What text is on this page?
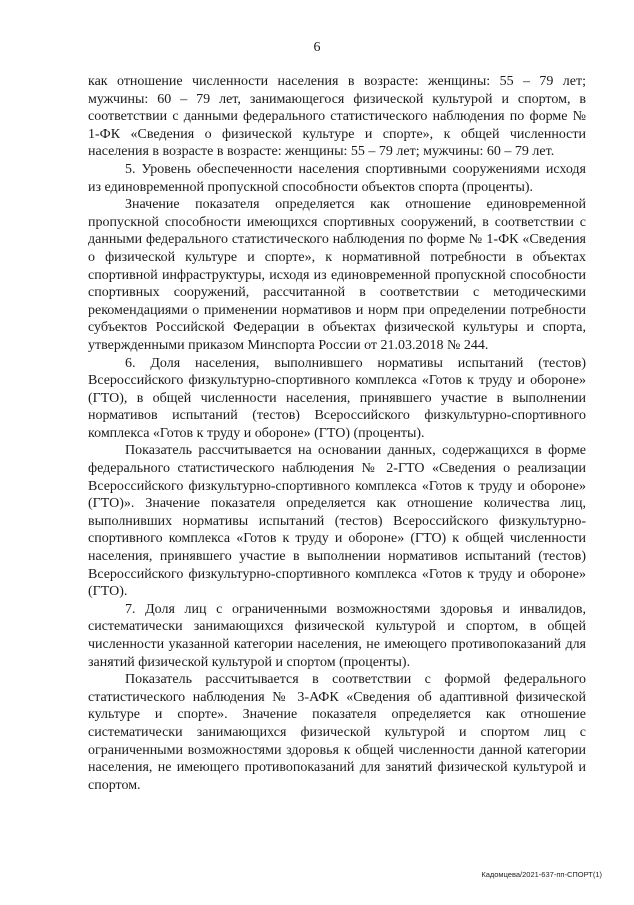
6

как отношение численности населения в возрасте: женщины: 55 – 79 лет; мужчины: 60 – 79 лет, занимающегося физической культурой и спортом, в соответствии с данными федерального статистического наблюдения по форме № 1-ФК «Сведения о физической культуре и спорте», к общей численности населения в возрасте в возрасте: женщины: 55 – 79 лет; мужчины: 60 – 79 лет.

5. Уровень обеспеченности населения спортивными сооружениями исходя из единовременной пропускной способности объектов спорта (проценты).

Значение показателя определяется как отношение единовременной пропускной способности имеющихся спортивных сооружений, в соответствии с данными федерального статистического наблюдения по форме № 1-ФК «Сведения о физической культуре и спорте», к нормативной потребности в объектах спортивной инфраструктуры, исходя из единовременной пропускной способности спортивных сооружений, рассчитанной в соответствии с методическими рекомендациями о применении нормативов и норм при определении потребности субъектов Российской Федерации в объектах физической культуры и спорта, утвержденными приказом Минспорта России от 21.03.2018 № 244.

6. Доля населения, выполнившего нормативы испытаний (тестов) Всероссийского физкультурно-спортивного комплекса «Готов к труду и обороне» (ГТО), в общей численности населения, принявшего участие в выполнении нормативов испытаний (тестов) Всероссийского физкультурно-спортивного комплекса «Готов к труду и обороне» (ГТО) (проценты).

Показатель рассчитывается на основании данных, содержащихся в форме федерального статистического наблюдения № 2-ГТО «Сведения о реализации Всероссийского физкультурно-спортивного комплекса «Готов к труду и обороне» (ГТО)». Значение показателя определяется как отношение количества лиц, выполнивших нормативы испытаний (тестов) Всероссийского физкультурно-спортивного комплекса «Готов к труду и обороне» (ГТО) к общей численности населения, принявшего участие в выполнении нормативов испытаний (тестов) Всероссийского физкультурно-спортивного комплекса «Готов к труду и обороне» (ГТО).

7. Доля лиц с ограниченными возможностями здоровья и инвалидов, систематически занимающихся физической культурой и спортом, в общей численности указанной категории населения, не имеющего противопоказаний для занятий физической культурой и спортом (проценты).

Показатель рассчитывается в соответствии с формой федерального статистического наблюдения № 3-АФК «Сведения об адаптивной физической культуре и спорте». Значение показателя определяется как отношение систематически занимающихся физической культурой и спортом лиц с ограниченными возможностями здоровья к общей численности данной категории населения, не имеющего противопоказаний для занятий физической культурой и спортом.

Кадомцева/2021-637-пп-СПОРТ(1)
